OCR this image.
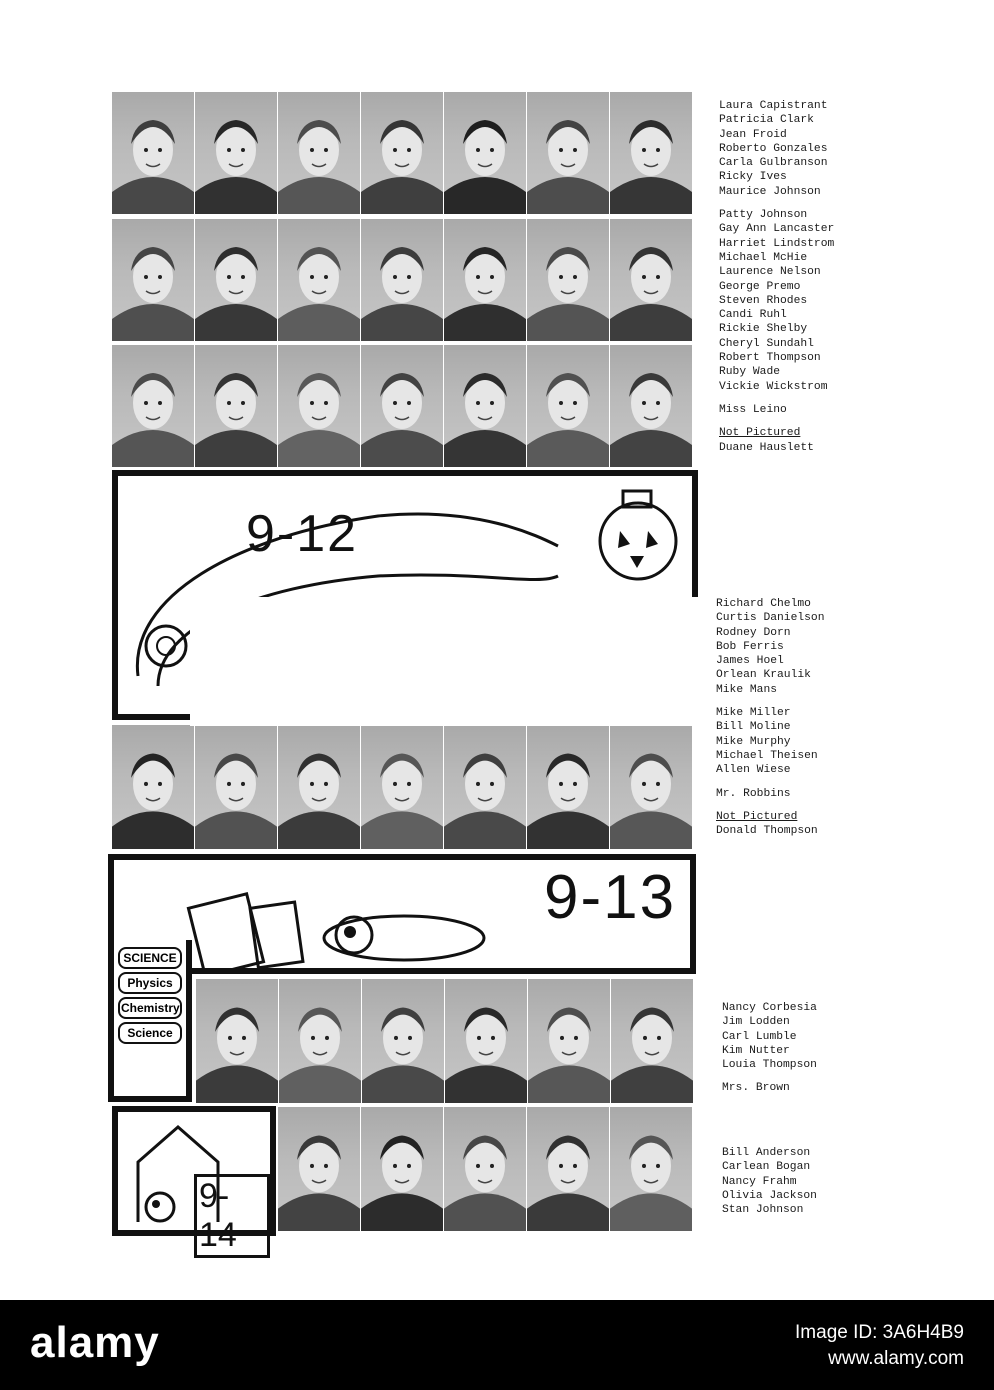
9-12
9-13
SCIENCE
Physics
Chemistry
Science
9-14
Laura Capistrant
Patricia Clark
Jean Froid
Roberto Gonzales
Carla Gulbranson
Ricky Ives
Maurice Johnson
Patty Johnson
Gay Ann Lancaster
Harriet Lindstrom
Michael McHie
Laurence Nelson
George Premo
Steven Rhodes
Candi Ruhl
Rickie Shelby
Cheryl Sundahl
Robert Thompson
Ruby Wade
Vickie Wickstrom
Miss Leino
Not Pictured
Duane Hauslett
Richard Chelmo
Curtis Danielson
Rodney Dorn
Bob Ferris
James Hoel
Orlean Kraulik
Mike Mans
Mike Miller
Bill Moline
Mike Murphy
Michael Theisen
Allen Wiese
Mr. Robbins
Not Pictured
Donald Thompson
Nancy Corbesia
Jim Lodden
Carl Lumble
Kim Nutter
Louia Thompson
Mrs. Brown
Bill Anderson
Carlean Bogan
Nancy Frahm
Olivia Jackson
Stan Johnson
alamy	Image ID: 3A6H4B9
www.alamy.com
